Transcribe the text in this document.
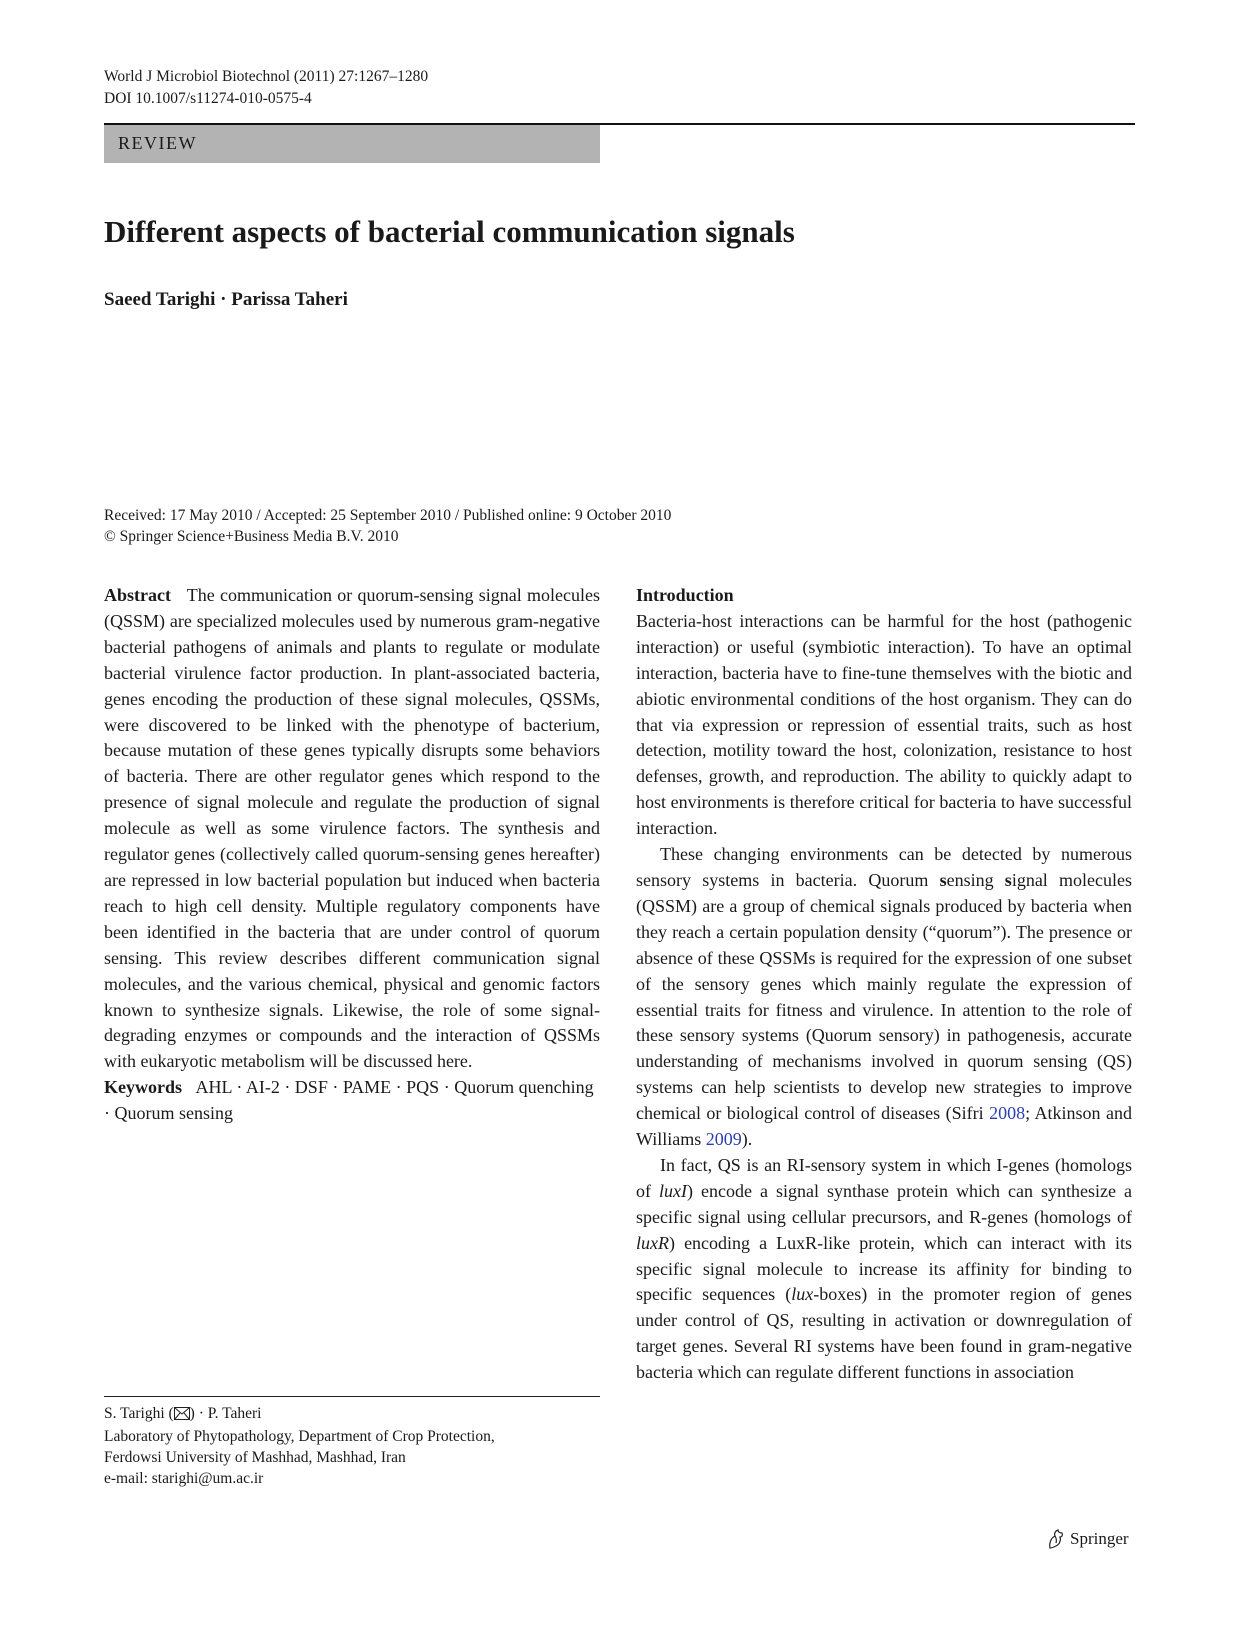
World J Microbiol Biotechnol (2011) 27:1267–1280
DOI 10.1007/s11274-010-0575-4
REVIEW
Different aspects of bacterial communication signals
Saeed Tarighi · Parissa Taheri
Received: 17 May 2010 / Accepted: 25 September 2010 / Published online: 9 October 2010
© Springer Science+Business Media B.V. 2010

Abstract The communication or quorum-sensing signal molecules (QSSM) are specialized molecules used by numerous gram-negative bacterial pathogens of animals and plants to regulate or modulate bacterial virulence factor production. In plant-associated bacteria, genes encoding the production of these signal molecules, QSSMs, were discovered to be linked with the phenotype of bacterium, because mutation of these genes typically disrupts some behaviors of bacteria. There are other regulator genes which respond to the presence of signal molecule and regulate the production of signal molecule as well as some virulence factors. The synthesis and regulator genes (collectively called quorum-sensing genes hereafter) are repressed in low bacterial population but induced when bacteria reach to high cell density. Multiple regulatory components have been identified in the bacteria that are under control of quorum sensing. This review describes different communication signal molecules, and the various chemical, physical and genomic factors known to synthesize signals. Likewise, the role of some signal-degrading enzymes or compounds and the interaction of QSSMs with eukaryotic metabolism will be discussed here.

Keywords AHL · AI-2 · DSF · PAME · PQS · Quorum quenching · Quorum sensing

S. Tarighi ( ) · P. Taheri
Laboratory of Phytopathology, Department of Crop Protection,
Ferdowsi University of Mashhad, Mashhad, Iran
e-mail: starighi@um.ac.ir

Introduction

Bacteria-host interactions can be harmful for the host (pathogenic interaction) or useful (symbiotic interaction). To have an optimal interaction, bacteria have to fine-tune themselves with the biotic and abiotic environmental conditions of the host organism. They can do that via expression or repression of essential traits, such as host detection, motility toward the host, colonization, resistance to host defenses, growth, and reproduction. The ability to quickly adapt to host environments is therefore critical for bacteria to have successful interaction.

These changing environments can be detected by numerous sensory systems in bacteria. Quorum sensing signal molecules (QSSM) are a group of chemical signals produced by bacteria when they reach a certain population density (“quorum”). The presence or absence of these QSSMs is required for the expression of one subset of the sensory genes which mainly regulate the expression of essential traits for fitness and virulence. In attention to the role of these sensory systems (Quorum sensory) in pathogenesis, accurate understanding of mechanisms involved in quorum sensing (QS) systems can help scientists to develop new strategies to improve chemical or biological control of diseases (Sifri 2008; Atkinson and Williams 2009).

In fact, QS is an RI-sensory system in which I-genes (homologs of luxI) encode a signal synthase protein which can synthesize a specific signal using cellular precursors, and R-genes (homologs of luxR) encoding a LuxR-like protein, which can interact with its specific signal molecule to increase its affinity for binding to specific sequences (lux-boxes) in the promoter region of genes under control of QS, resulting in activation or downregulation of target genes. Several RI systems have been found in gram-negative bacteria which can regulate different functions in association

Springer
